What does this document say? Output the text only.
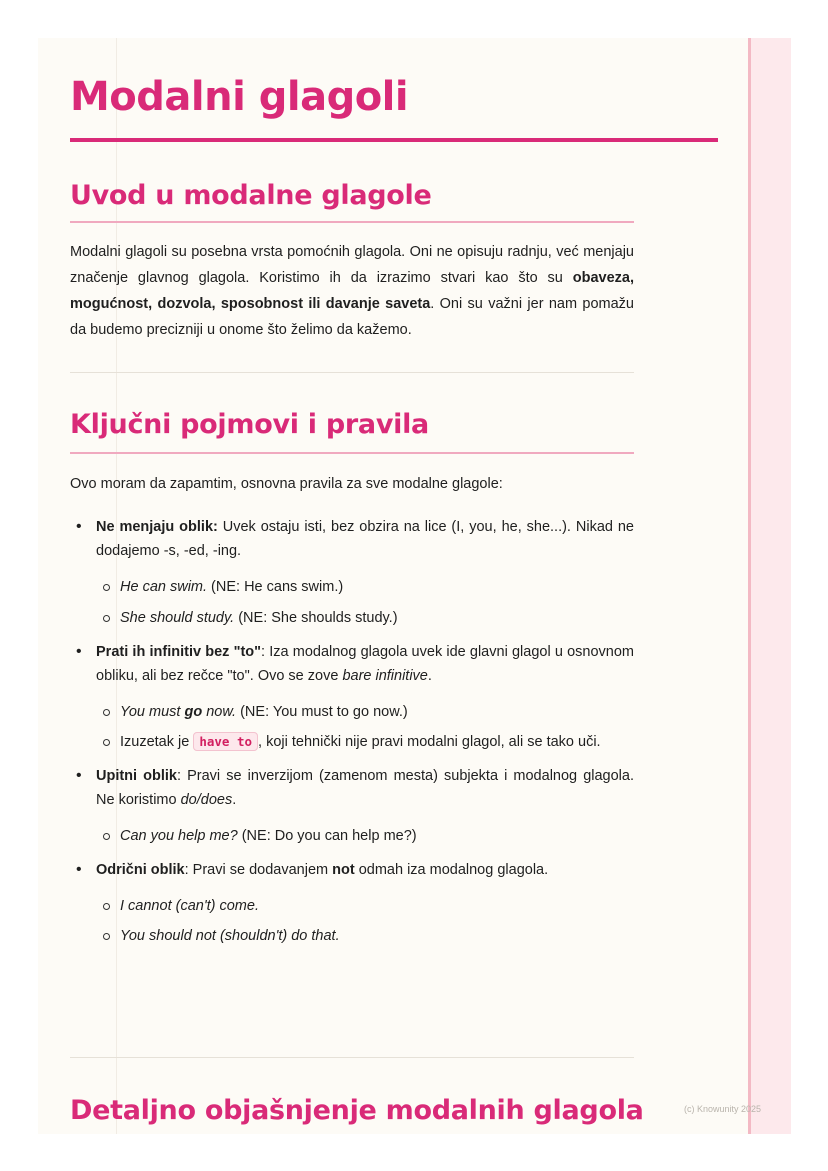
Modalni glagoli
Uvod u modalne glagole

Modalni glagoli su posebna vrsta pomoćnih glagola. Oni ne opisuju radnju, već menjaju značenje glavnog glagola. Koristimo ih da izrazimo stvari kao što su obaveza, mogućnost, dozvola, sposobnost ili davanje saveta. Oni su važni jer nam pomažu da budemo precizniji u onome što želimo da kažemo.

Ključni pojmovi i pravila

Ovo moram da zapamtim, osnovna pravila za sve modalne glagole:

• Ne menjaju oblik: Uvek ostaju isti, bez obzira na lice (I, you, he, she...). Nikad ne dodajemo -s, -ed, -ing.
He can swim. (NE: He cans swim.)
She should study. (NE: She shoulds study.)
• Prati ih infinitiv bez "to": Iza modalnog glagola uvek ide glavni glagol u osnovnom obliku, ali bez rečce "to". Ovo se zove bare infinitive.
You must go now. (NE: You must to go now.)
Izuzetak je have to , koji tehnički nije pravi modalni glagol, ali se tako uči.
• Upitni oblik: Pravi se inverzijom (zamenom mesta) subjekta i modalnog glagola. Ne koristimo do/does.
Can you help me? (NE: Do you can help me?)
• Odrični oblik: Pravi se dodavanjem not odmah iza modalnog glagola.
I cannot (can't) come.
You should not (shouldn't) do that.
Detaljno objašnjenje modalnih glagola	(c) Knowunity 2025
